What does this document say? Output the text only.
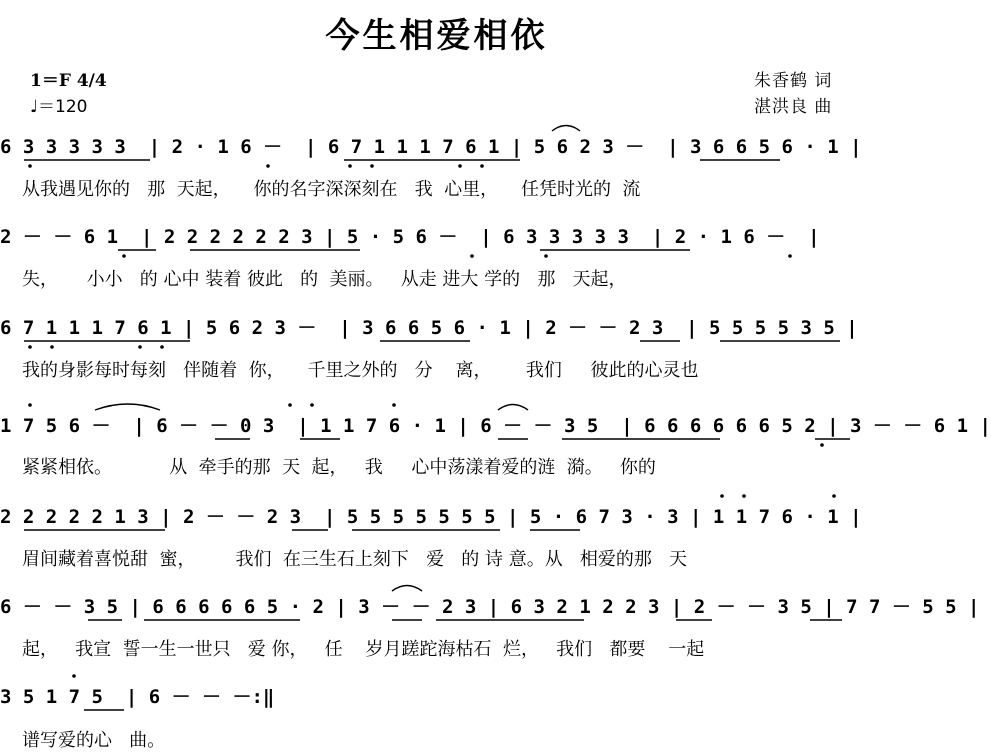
今生相爱相依
1＝F 4/4
♩＝120
朱香鹤 词
湛洪良 曲
6 3 3 3 3 3  | 2 · 1 6 －  | 6 7 1 1 1 7 6 1 | 5 6 2 3 －  | 3 6 6 5 6 · 1 |
从我遇见你的   那  天起，    你的名字深深刻在   我  心里，    任凭时光的  流
2 － － 6 1  | 2 2 2 2 2 2 3 | 5 · 5 6 －  | 6 3 3 3 3 3  | 2 · 1 6 －  |
失，     小小   的 心中 装着 彼此   的  美丽。   从走 进大 学的   那   天起，
6 7 1 1 1 7 6 1 | 5 6 2 3 －  | 3 6 6 5 6 · 1 | 2 － － 2 3  | 5 5 5 5 3 5 |
我的身影每时每刻   伴随着  你，    千里之外的   分    离，      我们     彼此的心灵也
1 7 5 6 －  | 6 － － 0 3  | 1 1 7 6 · 1 | 6 － － 3 5  | 6 6 6 6 6 6 5 2 | 3 － － 6 1 |
紧紧相依。          从  牵手的那  天  起，   我     心中荡漾着爱的涟  漪。   你的
2 2 2 2 2 1 3 | 2 － － 2 3  | 5 5 5 5 5 5 5 | 5 · 6 7 3 · 3 | 1 1 7 6 · 1 |
眉间藏着喜悦甜  蜜，       我们  在三生石上刻下   爱   的 诗 意。从   相爱的那   天
6 － － 3 5 | 6 6 6 6 6 5 · 2 | 3 － － 2 3 | 6 3 2 1 2 2 3 | 2 － － 3 5 | 7 7 － 5 5 |
起，   我宣  誓一生一世只   爱 你，   任    岁月蹉跎海枯石  烂，   我们   都要    一起
3 5 1 7 5  | 6 － － －:‖
谱写爱的心   曲。
